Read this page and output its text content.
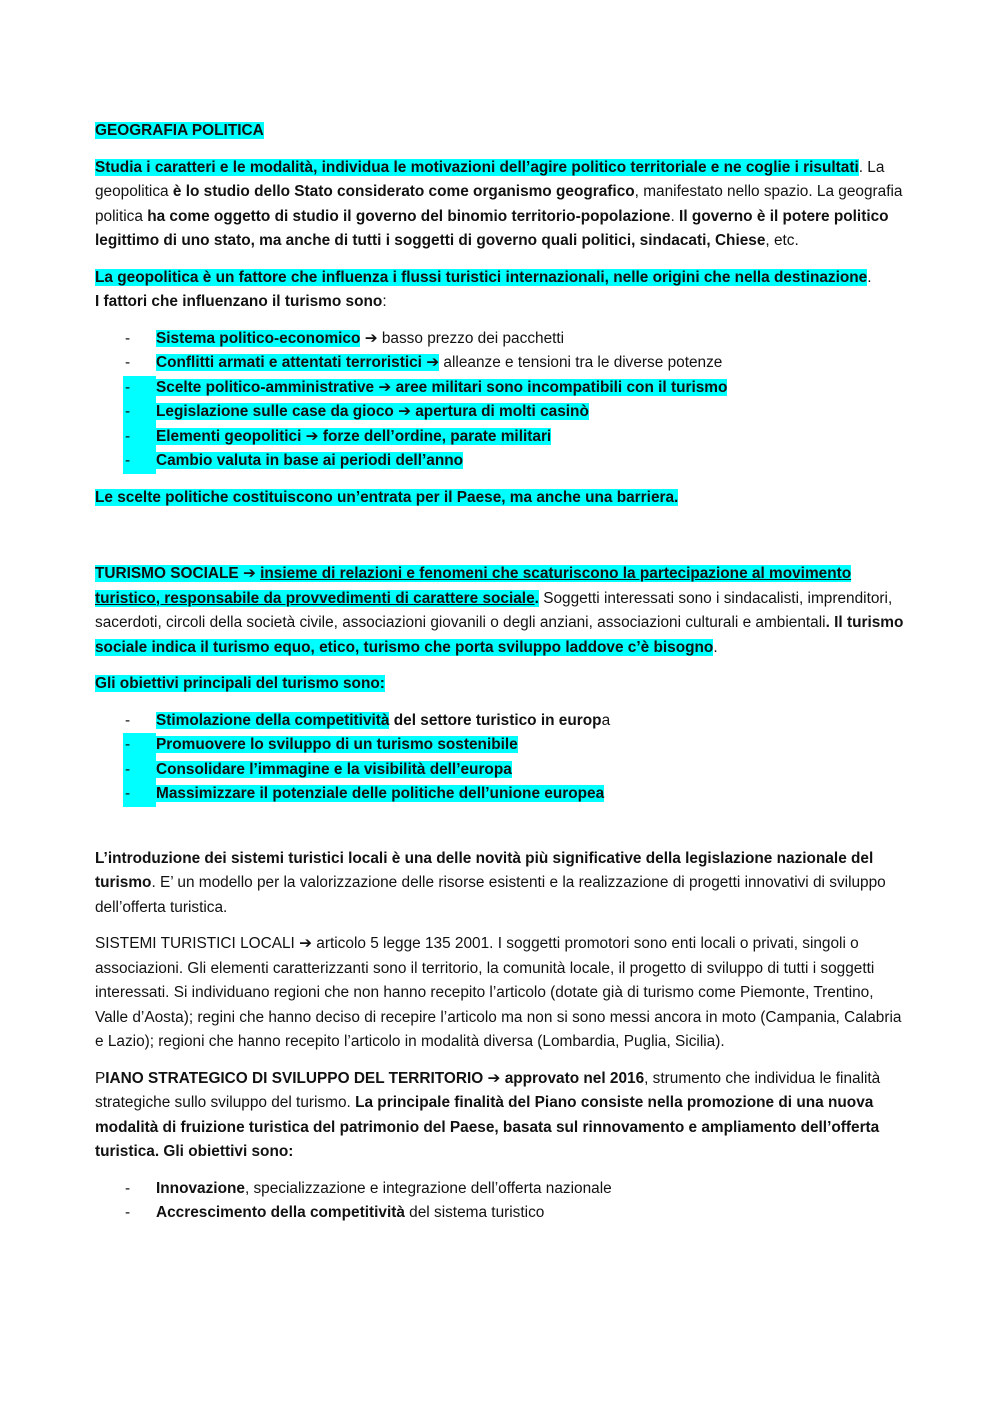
GEOGRAFIA POLITICA

Studia i caratteri e le modalità, individua le motivazioni dell’agire politico territoriale e ne coglie i risultati. La geopolitica è lo studio dello Stato considerato come organismo geografico, manifestato nello spazio. La geografia politica ha come oggetto di studio il governo del binomio territorio-popolazione. Il governo è il potere politico legittimo di uno stato, ma anche di tutti i soggetti di governo quali politici, sindacati, Chiese, etc.

La geopolitica è un fattore che influenza i flussi turistici internazionali, nelle origini che nella destinazione.
I fattori che influenzano il turismo sono:

-	Sistema politico-economico ➔ basso prezzo dei pacchetti
-	Conflitti armati e attentati terroristici ➔ alleanze e tensioni tra le diverse potenze
-	Scelte politico-amministrative ➔ aree militari sono incompatibili con il turismo
-	Legislazione sulle case da gioco ➔ apertura di molti casinò
-	Elementi geopolitici ➔ forze dell’ordine, parate militari
-	Cambio valuta in base ai periodi dell’anno

Le scelte politiche costituiscono un’entrata per il Paese, ma anche una barriera.

TURISMO SOCIALE ➔ insieme di relazioni e fenomeni che scaturiscono la partecipazione al movimento turistico, responsabile da provvedimenti di carattere sociale. Soggetti interessati sono i sindacalisti, imprenditori, sacerdoti, circoli della società civile, associazioni giovanili o degli anziani, associazioni culturali e ambientali. Il turismo sociale indica il turismo equo, etico, turismo che porta sviluppo laddove c’è bisogno.

Gli obiettivi principali del turismo sono:

-	Stimolazione della competitività del settore turistico in europa
-	Promuovere lo sviluppo di un turismo sostenibile
-	Consolidare l’immagine e la visibilità dell’europa
-	Massimizzare il potenziale delle politiche dell’unione europea

L’introduzione dei sistemi turistici locali è una delle novità più significative della legislazione nazionale del turismo. E’ un modello per la valorizzazione delle risorse esistenti e la realizzazione di progetti innovativi di sviluppo dell’offerta turistica.

SISTEMI TURISTICI LOCALI ➔ articolo 5 legge 135 2001. I soggetti promotori sono enti locali o privati, singoli o associazioni. Gli elementi caratterizzanti sono il territorio, la comunità locale, il progetto di sviluppo di tutti i soggetti interessati. Si individuano regioni che non hanno recepito l’articolo (dotate già di turismo come Piemonte, Trentino, Valle d’Aosta); regini che hanno deciso di recepire l’articolo ma non si sono messi ancora in moto (Campania, Calabria e Lazio); regioni che hanno recepito l’articolo in modalità diversa (Lombardia, Puglia, Sicilia).

PIANO STRATEGICO DI SVILUPPO DEL TERRITORIO ➔ approvato nel 2016, strumento che individua le finalità strategiche sullo sviluppo del turismo. La principale finalità del Piano consiste nella promozione di una nuova modalità di fruizione turistica del patrimonio del Paese, basata sul rinnovamento e ampliamento dell’offerta turistica. Gli obiettivi sono:

-	Innovazione, specializzazione e integrazione dell’offerta nazionale
-	Accrescimento della competitività del sistema turistico
